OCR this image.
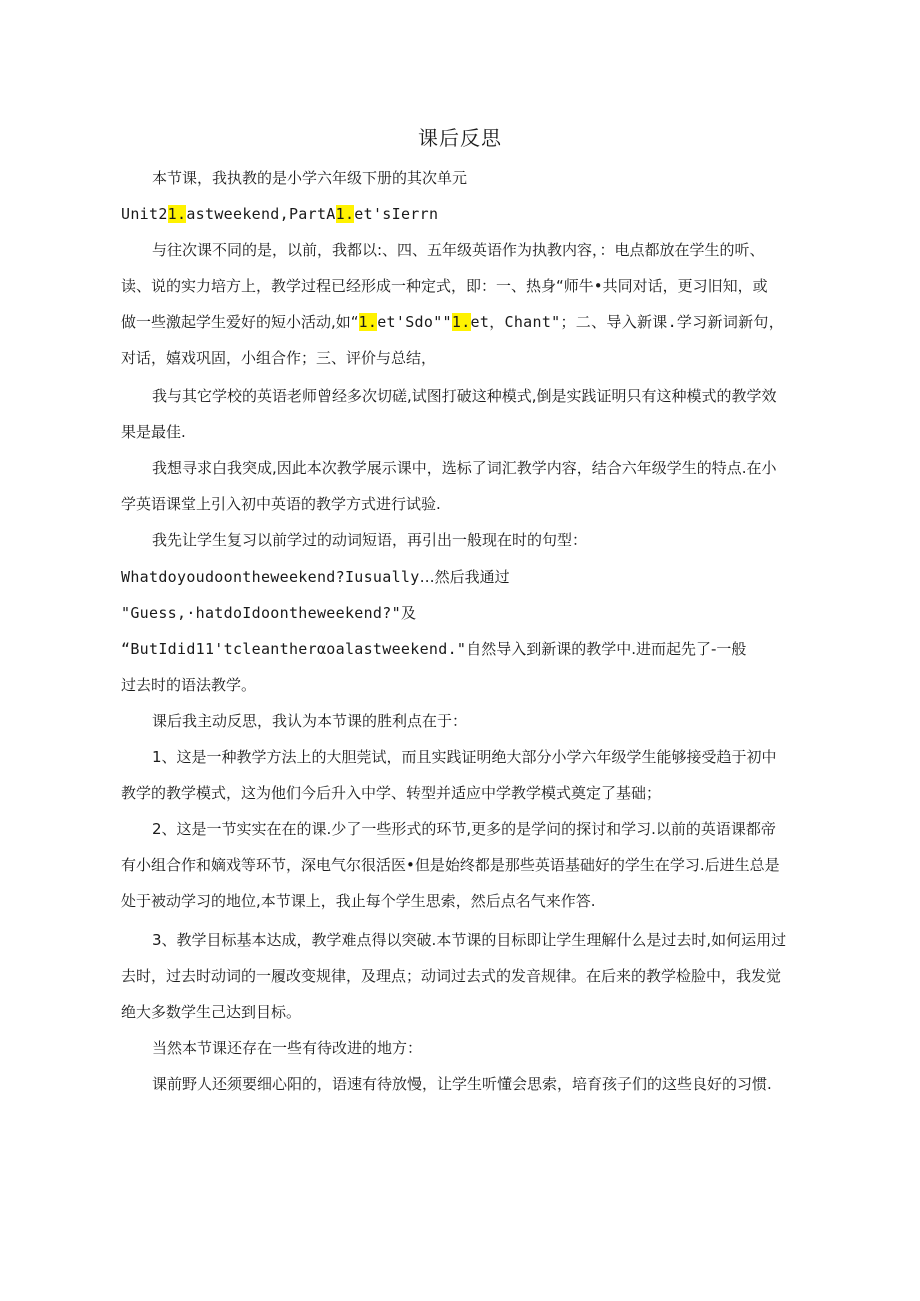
课后反思
本节课，我执教的是小学六年级下册的其次单元
Unit21.astweekend,PartA1.et'sIerrn
与往次课不同的是，以前，我都以:、四、五年级英语作为执教内容，：电点都放在学生的听、
读、说的实力培方上，教学过程已经形成一种定式，即：一、热身“师牛•共同对话，更习旧知，或
做一些激起学生爱好的短小活动,如“1.et'Sdo""1.et，Chant"；二、导入新课.学习新词新句，
对话，嬉戏巩固，小组合作；三、评价与总结，
我与其它学校的英语老师曾经多次切磋,试图打破这种模式,倒是实践证明只有这种模式的教学效
果是最佳.
我想寻求白我突成,因此本次教学展示课中，选标了词汇教学内容，结合六年级学生的特点.在小
学英语课堂上引入初中英语的教学方式进行试验.
我先让学生复习以前学过的动词短语，再引出一般现在时的句型：
Whatdoyoudoontheweekend?Iusually…然后我通过
"Guess,·hatdoIdoontheweekend?"及
“ButIdid11'tcleantherαoalastweekend."自然导入到新课的教学中.进而起先了-一般
过去时的语法教学。
课后我主动反思，我认为本节课的胜利点在于：
1、这是一种教学方法上的大胆莞试，而且实践证明绝大部分小学六年级学生能够接受趋于初中
教学的教学模式，这为他们今后升入中学、转型并适应中学教学模式奠定了基础；
2、这是一节实实在在的课.少了一些形式的环节,更多的是学问的探讨和学习.以前的英语课都帝
有小组合作和嫡戏等环节，深电气尔很活医•但是始终都是那些英语基础好的学生在学习.后进生总是
处于被动学习的地位,本节课上，我止每个学生思索，然后点名气来作答.
3、教学目标基本达成，教学难点得以突破.本节课的目标即让学生理解什么是过去时,如何运用过
去时，过去时动词的一履改变规律，及理点；动词过去式的发音规律。在后来的教学检脸中，我发觉
绝大多数学生己达到目标。
当然本节课还存在一些有待改进的地方：
课前野人还须要细心阳的，语速有待放慢，让学生听懂会思索，培育孩子们的这些良好的习惯.
